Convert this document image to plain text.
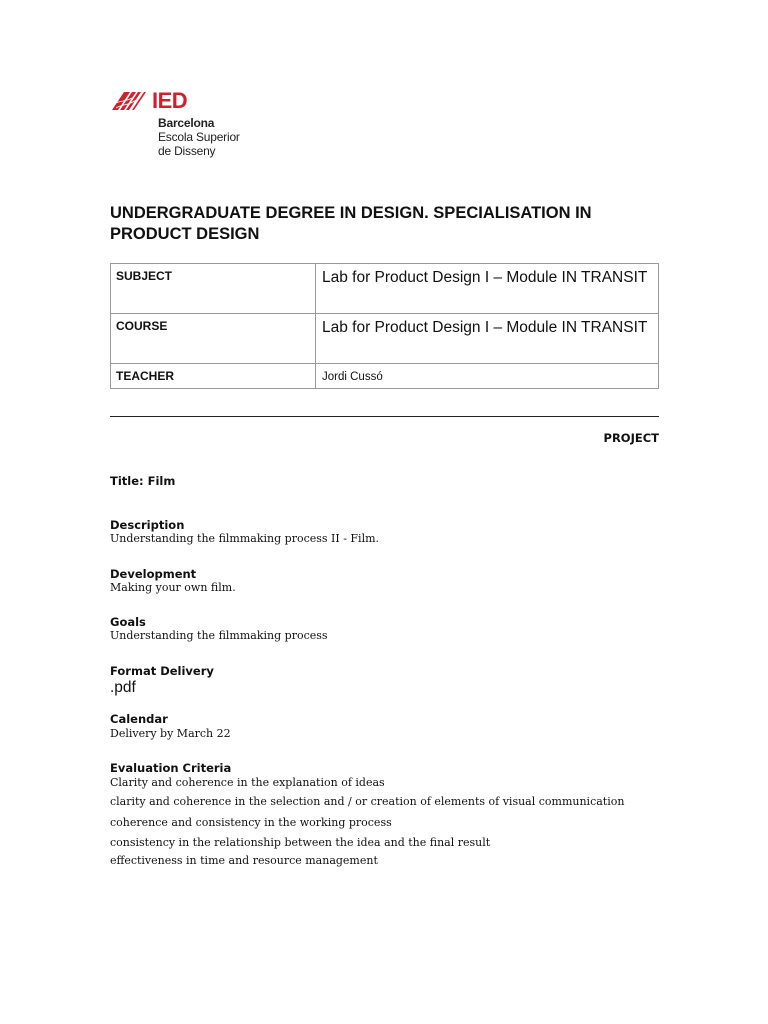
IED
Barcelona
Escola Superior
de Disseny
UNDERGRADUATE DEGREE IN DESIGN. SPECIALISATION IN PRODUCT DESIGN
SUBJECT	Lab for Product Design I – Module IN TRANSIT
COURSE	Lab for Product Design I – Module IN TRANSIT
TEACHER	Jordi Cussó
PROJECT
Title: Film
Description
Understanding the filmmaking process II - Film.
Development
Making your own film.
Goals
Understanding the filmmaking process
Format Delivery
.pdf
Calendar
Delivery by March 22
Evaluation Criteria
Clarity and coherence in the explanation of ideas
clarity and coherence in the selection and / or creation of elements of visual communication
coherence and consistency in the working process
consistency in the relationship between the idea and the final result
effectiveness in time and resource management
